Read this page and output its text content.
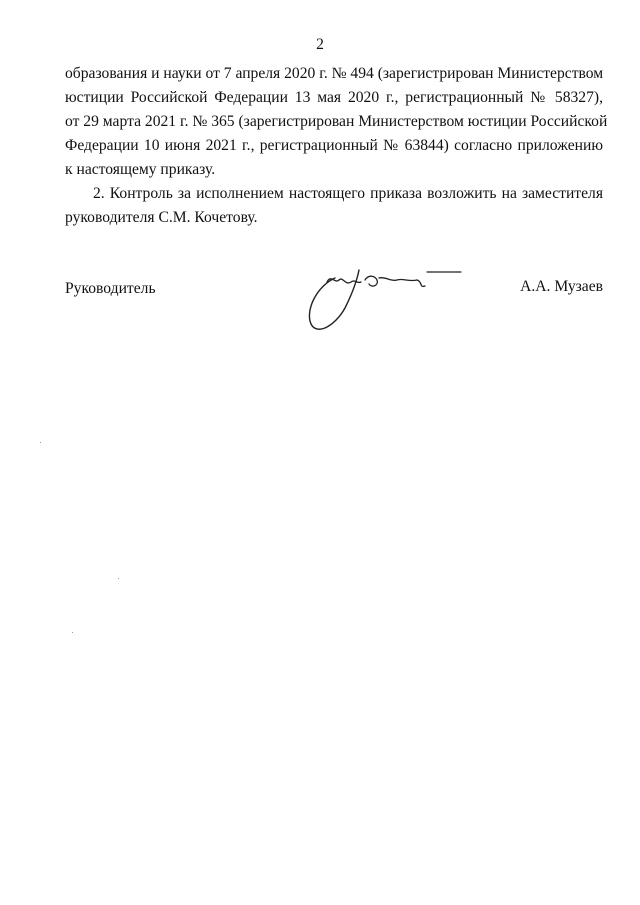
2
образования и науки от 7 апреля 2020 г. № 494 (зарегистрирован Министерством
юстиции Российской Федерации 13 мая 2020 г., регистрационный № 58327),
от 29 марта 2021 г. № 365 (зарегистрирован Министерством юстиции Российской
Федерации 10 июня 2021 г., регистрационный № 63844) согласно приложению
к настоящему приказу.
2. Контроль за исполнением настоящего приказа возложить на заместителя
руководителя С.М. Кочетову.
Руководитель	А.А. Музаев
